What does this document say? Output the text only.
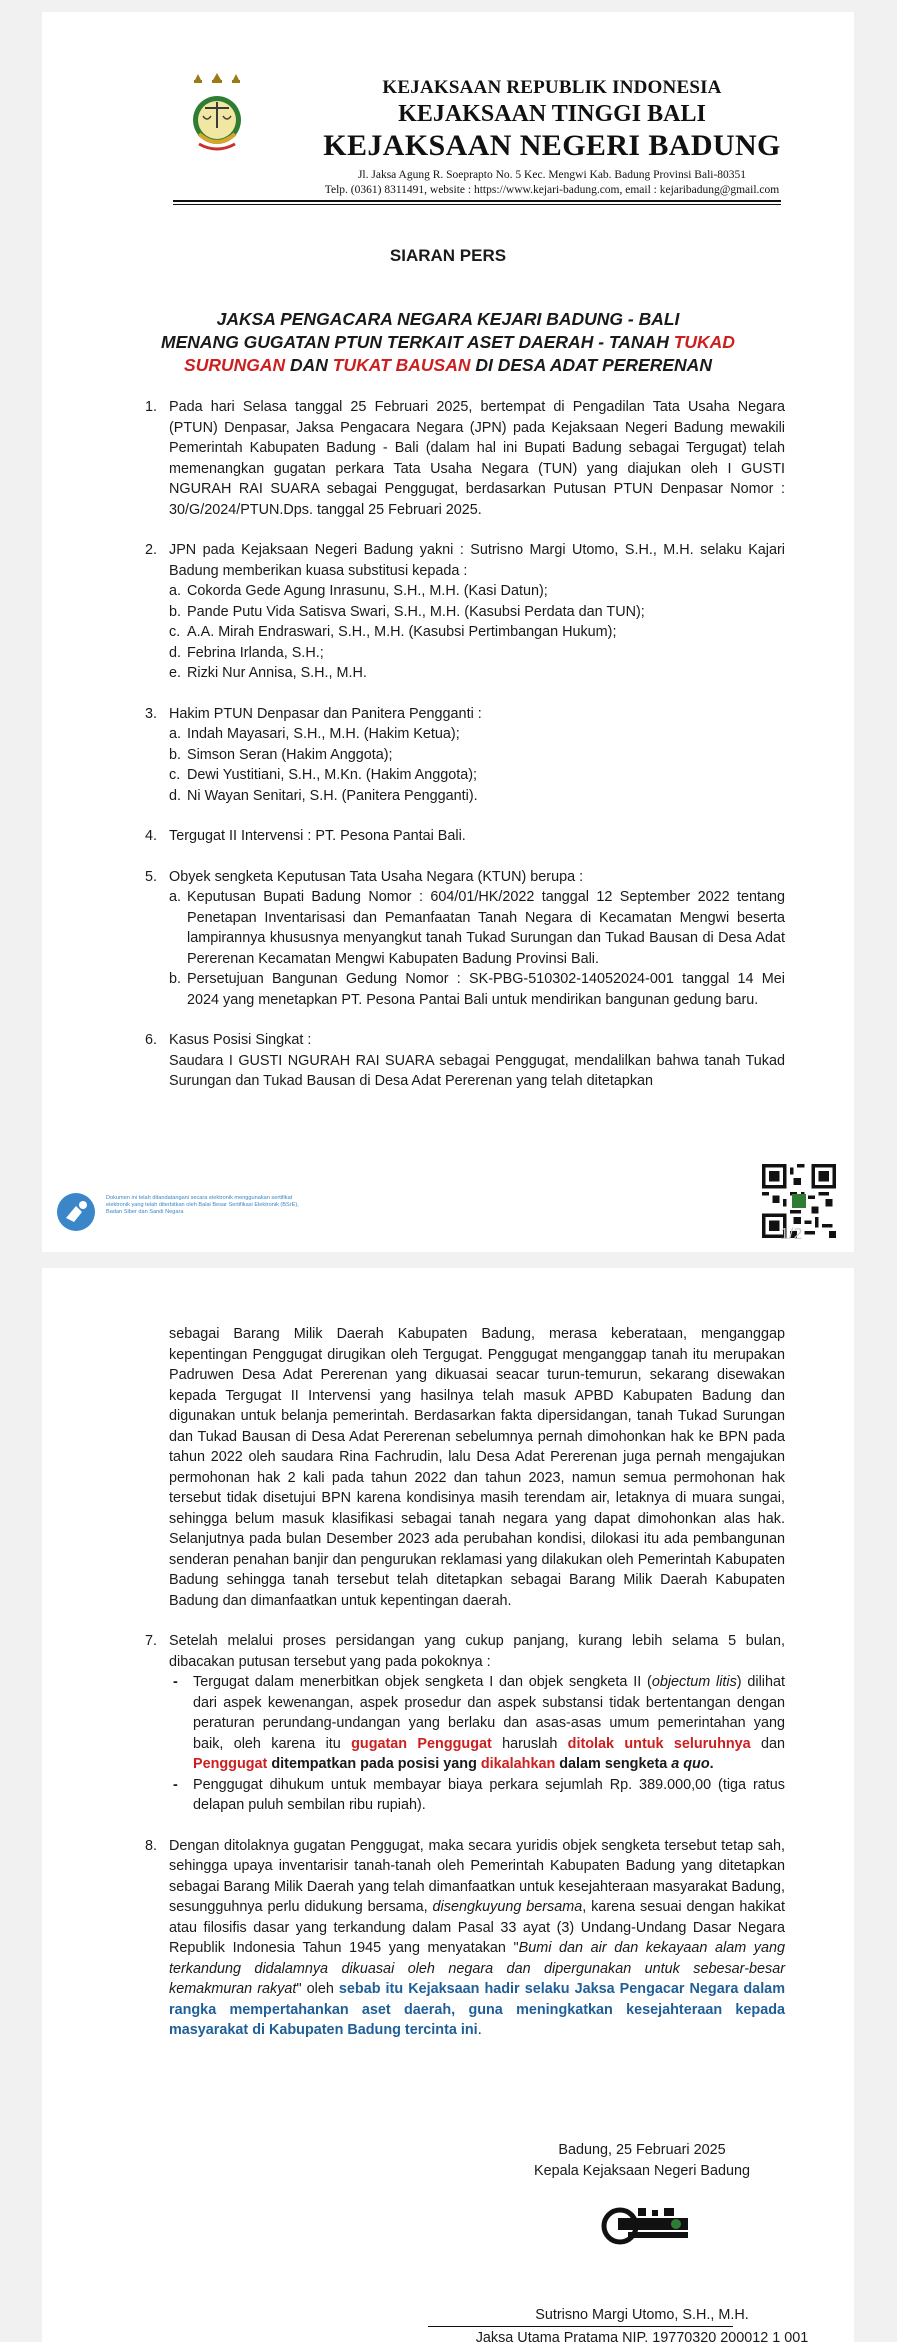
KEJAKSAAN REPUBLIK INDONESIA
KEJAKSAAN TINGGI BALI
KEJAKSAAN NEGERI BADUNG
Jl. Jaksa Agung R. Soeprapto No. 5 Kec. Mengwi Kab. Badung Provinsi Bali-80351
Telp. (0361) 8311491, website : https://www.kejari-badung.com, email : kejaribadung@gmail.com
SIARAN PERS
JAKSA PENGACARA NEGARA KEJARI BADUNG - BALI
MENANG GUGATAN PTUN TERKAIT ASET DAERAH - TANAH TUKAD
SURUNGAN DAN TUKAT BAUSAN DI DESA ADAT PERERENAN
1. Pada hari Selasa tanggal 25 Februari 2025, bertempat di Pengadilan Tata Usaha Negara (PTUN) Denpasar, Jaksa Pengacara Negara (JPN) pada Kejaksaan Negeri Badung mewakili Pemerintah Kabupaten Badung - Bali (dalam hal ini Bupati Badung sebagai Tergugat) telah memenangkan gugatan perkara Tata Usaha Negara (TUN) yang diajukan oleh I GUSTI NGURAH RAI SUARA sebagai Penggugat, berdasarkan Putusan PTUN Denpasar Nomor : 30/G/2024/PTUN.Dps. tanggal 25 Februari 2025.
2. JPN pada Kejaksaan Negeri Badung yakni : Sutrisno Margi Utomo, S.H., M.H. selaku Kajari Badung memberikan kuasa substitusi kepada :
a. Cokorda Gede Agung Inrasunu, S.H., M.H. (Kasi Datun);
b. Pande Putu Vida Satisva Swari, S.H., M.H. (Kasubsi Perdata dan TUN);
c. A.A. Mirah Endraswari, S.H., M.H. (Kasubsi Pertimbangan Hukum);
d. Febrina Irlanda, S.H.;
e. Rizki Nur Annisa, S.H., M.H.
3. Hakim PTUN Denpasar dan Panitera Pengganti :
a. Indah Mayasari, S.H., M.H. (Hakim Ketua);
b. Simson Seran (Hakim Anggota);
c. Dewi Yustitiani, S.H., M.Kn. (Hakim Anggota);
d. Ni Wayan Senitari, S.H. (Panitera Pengganti).
4. Tergugat II Intervensi : PT. Pesona Pantai Bali.
5. Obyek sengketa Keputusan Tata Usaha Negara (KTUN) berupa :
a. Keputusan Bupati Badung Nomor : 604/01/HK/2022 tanggal 12 September 2022 tentang Penetapan Inventarisasi dan Pemanfaatan Tanah Negara di Kecamatan Mengwi beserta lampirannya khususnya menyangkut tanah Tukad Surungan dan Tukad Bausan di Desa Adat Pererenan Kecamatan Mengwi Kabupaten Badung Provinsi Bali.
b. Persetujuan Bangunan Gedung Nomor : SK-PBG-510302-14052024-001 tanggal 14 Mei 2024 yang menetapkan PT. Pesona Pantai Bali untuk mendirikan bangunan gedung baru.
6. Kasus Posisi Singkat :
Saudara I GUSTI NGURAH RAI SUARA sebagai Penggugat, mendalilkan bahwa tanah Tukad Surungan dan Tukad Bausan di Desa Adat Pererenan yang telah ditetapkan
Dokumen ini telah ditandatangani secara elektronik menggunakan sertifikat elektronik yang telah diterbitkan oleh Balai Besar Sertifikasi Elektronik (BSrE), Badan Siber dan Sandi Negara
1/2
sebagai Barang Milik Daerah Kabupaten Badung, merasa keberataan, menganggap kepentingan Penggugat dirugikan oleh Tergugat. Penggugat menganggap tanah itu merupakan Padruwen Desa Adat Pererenan yang dikuasai seacar turun-temurun, sekarang disewakan kepada Tergugat II Intervensi yang hasilnya telah masuk APBD Kabupaten Badung dan digunakan untuk belanja pemerintah. Berdasarkan fakta dipersidangan, tanah Tukad Surungan dan Tukad Bausan di Desa Adat Pererenan sebelumnya pernah dimohonkan hak ke BPN pada tahun 2022 oleh saudara Rina Fachrudin, lalu Desa Adat Pererenan juga pernah mengajukan permohonan hak 2 kali pada tahun 2022 dan tahun 2023, namun semua permohonan hak tersebut tidak disetujui BPN karena kondisinya masih terendam air, letaknya di muara sungai, sehingga belum masuk klasifikasi sebagai tanah negara yang dapat dimohonkan alas hak. Selanjutnya pada bulan Desember 2023 ada perubahan kondisi, dilokasi itu ada pembangunan senderan penahan banjir dan pengurukan reklamasi yang dilakukan oleh Pemerintah Kabupaten Badung sehingga tanah tersebut telah ditetapkan sebagai Barang Milik Daerah Kabupaten Badung dan dimanfaatkan untuk kepentingan daerah.
7. Setelah melalui proses persidangan yang cukup panjang, kurang lebih selama 5 bulan, dibacakan putusan tersebut yang pada pokoknya :
- Tergugat dalam menerbitkan objek sengketa I dan objek sengketa II (objectum litis) dilihat dari aspek kewenangan, aspek prosedur dan aspek substansi tidak bertentangan dengan peraturan perundang-undangan yang berlaku dan asas-asas umum pemerintahan yang baik, oleh karena itu gugatan Penggugat haruslah ditolak untuk seluruhnya dan Penggugat ditempatkan pada posisi yang dikalahkan dalam sengketa a quo.
- Penggugat dihukum untuk membayar biaya perkara sejumlah Rp. 389.000,00 (tiga ratus delapan puluh sembilan ribu rupiah).
8. Dengan ditolaknya gugatan Penggugat, maka secara yuridis objek sengketa tersebut tetap sah, sehingga upaya inventarisir tanah-tanah oleh Pemerintah Kabupaten Badung yang ditetapkan sebagai Barang Milik Daerah yang telah dimanfaatkan untuk kesejahteraan masyarakat Badung, sesungguhnya perlu didukung bersama, disengkuyung bersama, karena sesuai dengan hakikat atau filosifis dasar yang terkandung dalam Pasal 33 ayat (3) Undang-Undang Dasar Negara Republik Indonesia Tahun 1945 yang menyatakan "Bumi dan air dan kekayaan alam yang terkandung didalamnya dikuasai oleh negara dan dipergunakan untuk sebesar-besar kemakmuran rakyat" oleh sebab itu Kejaksaan hadir selaku Jaksa Pengacar Negara dalam rangka mempertahankan aset daerah, guna meningkatkan kesejahteraan kepada masyarakat di Kabupaten Badung tercinta ini.
Badung, 25 Februari 2025
Kepala Kejaksaan Negeri Badung
Sutrisno Margi Utomo, S.H., M.H.
Jaksa Utama Pratama NIP. 19770320 200012 1 001
